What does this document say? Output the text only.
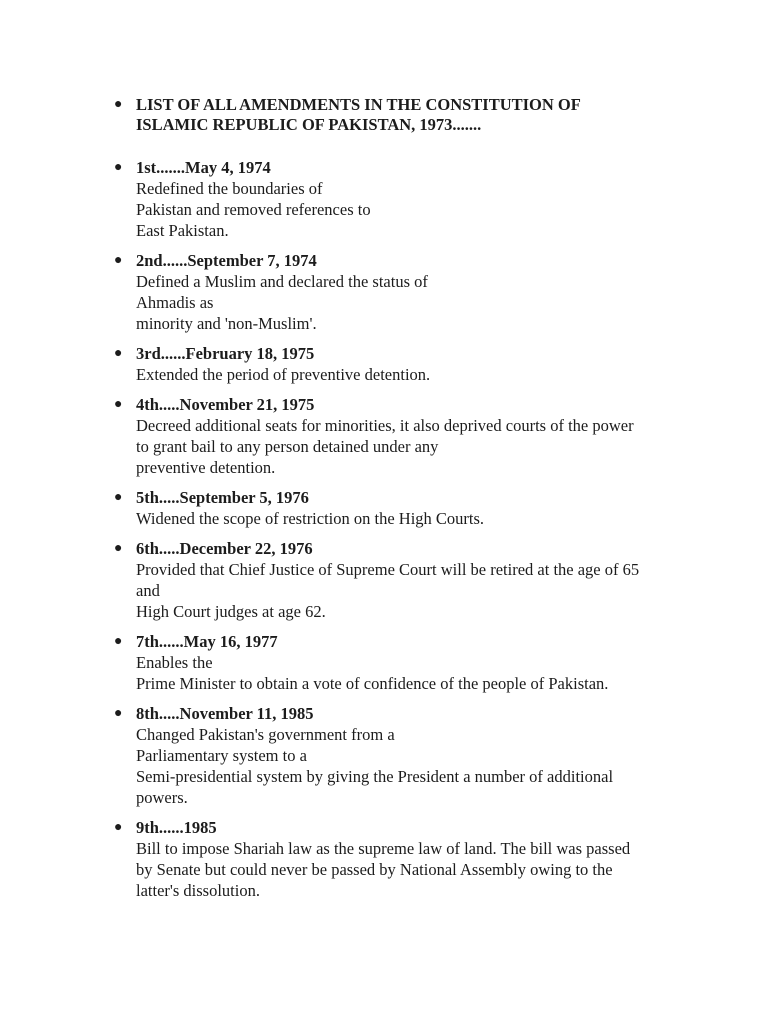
● LIST OF ALL AMENDMENTS IN THE CONSTITUTION OF
ISLAMIC REPUBLIC OF PAKISTAN, 1973.......
● 1st.......May 4, 1974
Redefined the boundaries of
Pakistan and removed references to
East Pakistan.
● 2nd......September 7, 1974
Defined a Muslim and declared the status of
Ahmadis as
minority and 'non-Muslim'.
● 3rd......February 18, 1975
Extended the period of preventive detention.
● 4th.....November 21, 1975
Decreed additional seats for minorities, it also deprived courts of the power
to grant bail to any person detained under any
preventive detention.
● 5th.....September 5, 1976
Widened the scope of restriction on the High Courts.
● 6th.....December 22, 1976
Provided that Chief Justice of Supreme Court will be retired at the age of 65
and
High Court judges at age 62.
● 7th......May 16, 1977
Enables the
Prime Minister to obtain a vote of confidence of the people of Pakistan.
● 8th.....November 11, 1985
Changed Pakistan's government from a
Parliamentary system to a
Semi-presidential system by giving the President a number of additional
powers.
● 9th......1985
Bill to impose Shariah law as the supreme law of land. The bill was passed
by Senate but could never be passed by National Assembly owing to the
latter's dissolution.
